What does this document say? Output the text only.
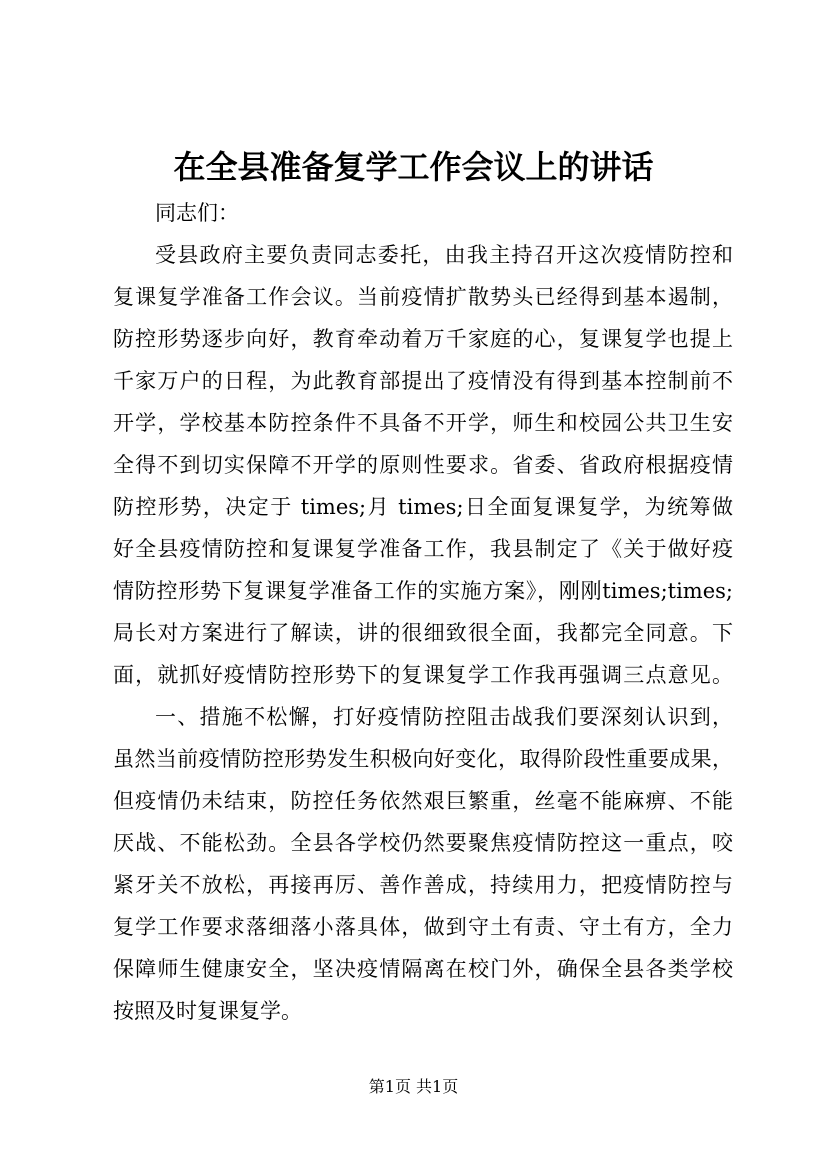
在全县准备复学工作会议上的讲话
同志们：
受县政府主要负责同志委托，由我主持召开这次疫情防控和
复课复学准备工作会议。当前疫情扩散势头已经得到基本遏制，
防控形势逐步向好，教育牵动着万千家庭的心，复课复学也提上
千家万户的日程，为此教育部提出了疫情没有得到基本控制前不
开学，学校基本防控条件不具备不开学，师生和校园公共卫生安
全得不到切实保障不开学的原则性要求。省委、省政府根据疫情
防控形势，决定于 times;月 times;日全面复课复学，为统筹做
好全县疫情防控和复课复学准备工作，我县制定了《关于做好疫
情防控形势下复课复学准备工作的实施方案》，刚刚times;times;
局长对方案进行了解读，讲的很细致很全面，我都完全同意。下
面，就抓好疫情防控形势下的复课复学工作我再强调三点意见。
一、措施不松懈，打好疫情防控阻击战我们要深刻认识到，
虽然当前疫情防控形势发生积极向好变化，取得阶段性重要成果，
但疫情仍未结束，防控任务依然艰巨繁重，丝毫不能麻痹、不能
厌战、不能松劲。全县各学校仍然要聚焦疫情防控这一重点，咬
紧牙关不放松，再接再厉、善作善成，持续用力，把疫情防控与
复学工作要求落细落小落具体，做到守土有责、守土有方，全力
保障师生健康安全，坚决疫情隔离在校门外，确保全县各类学校
按照及时复课复学。
第1页 共1页
